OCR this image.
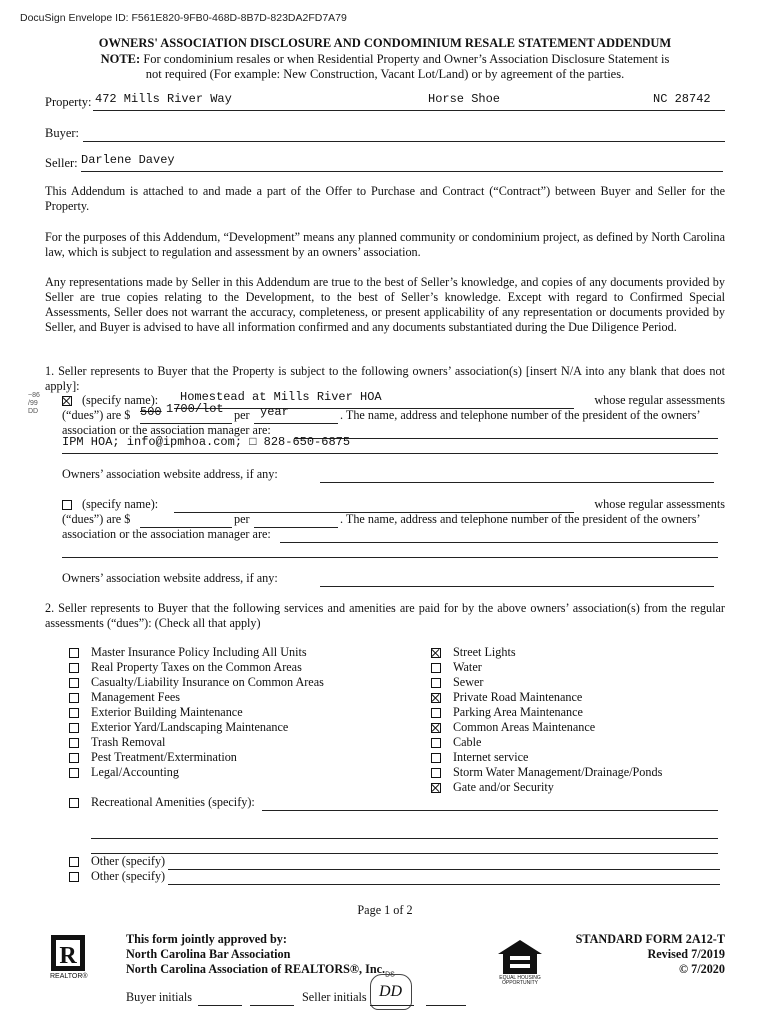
DocuSign Envelope ID: F561E820-9FB0-468D-8B7D-823DA2FD7A79
OWNERS' ASSOCIATION DISCLOSURE AND CONDOMINIUM RESALE STATEMENT ADDENDUM
NOTE: For condominium resales or when Residential Property and Owner’s Association Disclosure Statement is
not required (For example: New Construction, Vacant Lot/Land) or by agreement of the parties.
Property: 472 Mills River Way	Horse Shoe	NC 28742
Buyer:
Seller: Darlene Davey
This Addendum is attached to and made a part of the Offer to Purchase and Contract (“Contract”) between Buyer and Seller for the Property.
For the purposes of this Addendum, “Development” means any planned community or condominium project, as defined by North Carolina law, which is subject to regulation and assessment by an owners’ association.
Any representations made by Seller in this Addendum are true to the best of Seller’s knowledge, and copies of any documents provided by Seller are true copies relating to the Development, to the best of Seller’s knowledge. Except with regard to Confirmed Special Assessments, Seller does not warrant the accuracy, completeness, or present applicability of any representation or documents provided by Seller, and Buyer is advised to have all information confirmed and any documents substantiated during the Due Diligence Period.
1. Seller represents to Buyer that the Property is subject to the following owners’ association(s) [insert N/A into any blank that does not apply]:
~86 /99 DD
(specify name): Homestead at Mills River HOA	whose regular assessments
(“dues”) are $ 500 1700/lot per year	. The name, address and telephone number of the president of the owners’
association or the association manager are:
IPM HOA; info@ipmhoa.com; □ 828-650-6875
Owners’ association website address, if any:
(specify name):	whose regular assessments
(“dues”) are $	per	. The name, address and telephone number of the president of the owners’
association or the association manager are:
Owners’ association website address, if any:
2. Seller represents to Buyer that the following services and amenities are paid for by the above owners’ association(s) from the regular assessments (“dues”): (Check all that apply)
Master Insurance Policy Including All Units
Real Property Taxes on the Common Areas
Casualty/Liability Insurance on Common Areas
Management Fees
Exterior Building Maintenance
Exterior Yard/Landscaping Maintenance
Trash Removal
Pest Treatment/Extermination
Legal/Accounting
Street Lights
Water
Sewer
Private Road Maintenance
Parking Area Maintenance
Common Areas Maintenance
Cable
Internet service
Storm Water Management/Drainage/Ponds
Gate and/or Security
Recreational Amenities (specify):
Other (specify)
Other (specify)
Page 1 of 2
R
REALTOR®
This form jointly approved by:
North Carolina Bar Association
North Carolina Association of REALTORS®, $Inc._{DS}$
Buyer initials	Seller initials DD
EQUAL HOUSING OPPORTUNITY
STANDARD FORM 2A12-T
Revised 7/2019
© 7/2020
